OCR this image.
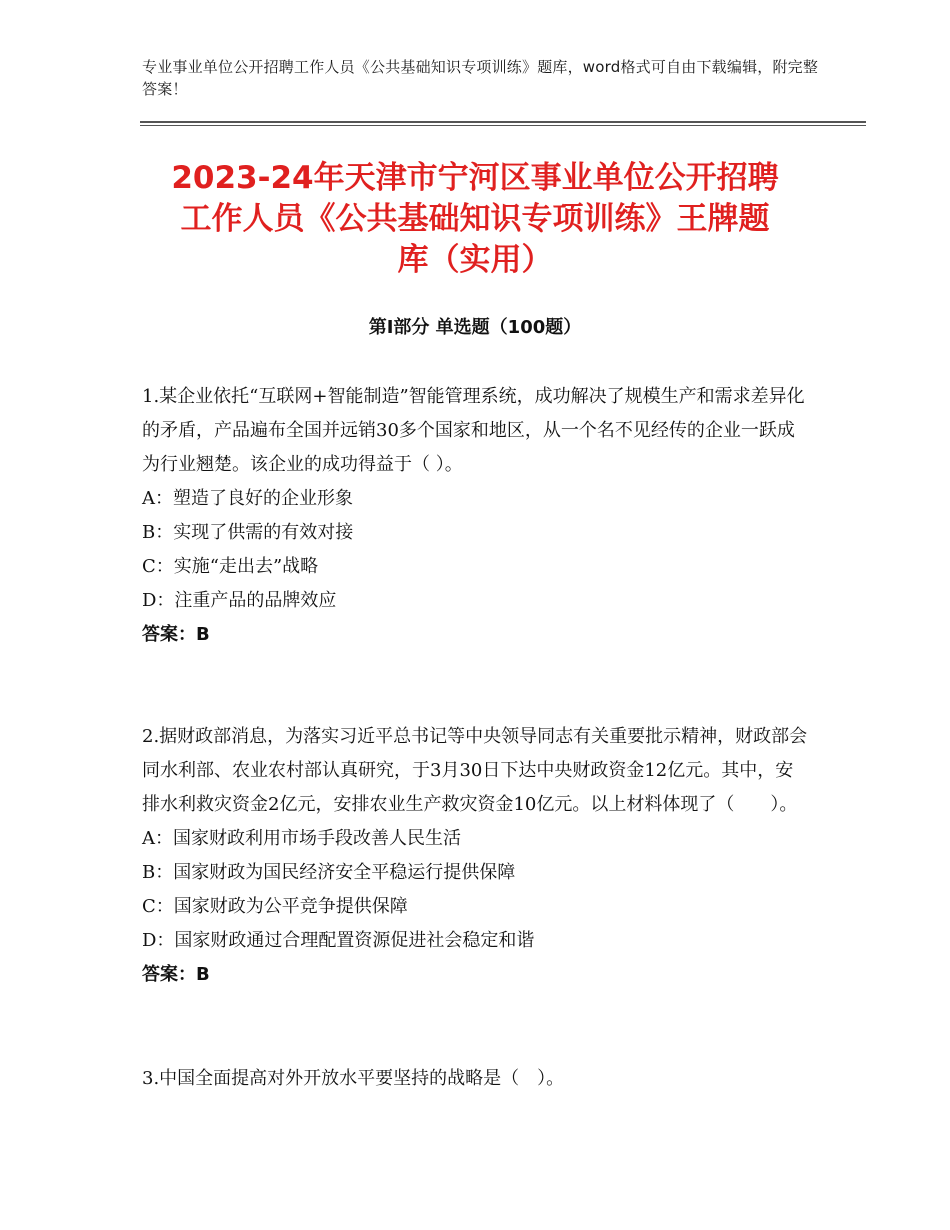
专业事业单位公开招聘工作人员《公共基础知识专项训练》题库，word格式可自由下载编辑，附完整答案！
2023-24年天津市宁河区事业单位公开招聘
工作人员《公共基础知识专项训练》王牌题
库（实用）
第Ⅰ部分 单选题（100题）

1.某企业依托“互联网+智能制造”智能管理系统，成功解决了规模生产和需求差异化的矛盾，产品遍布全国并远销30多个国家和地区，从一个名不见经传的企业一跃成为行业翘楚。该企业的成功得益于（ ）。

A：塑造了良好的企业形象

B：实现了供需的有效对接

C：实施“走出去”战略

D：注重产品的品牌效应

答案：B

2.据财政部消息，为落实习近平总书记等中央领导同志有关重要批示精神，财政部会同水利部、农业农村部认真研究，于3月30日下达中央财政资金12亿元。其中，安排水利救灾资金2亿元，安排农业生产救灾资金10亿元。以上材料体现了（　　）。

A：国家财政利用市场手段改善人民生活

B：国家财政为国民经济安全平稳运行提供保障

C：国家财政为公平竞争提供保障

D：国家财政通过合理配置资源促进社会稳定和谐

答案：B

3.中国全面提高对外开放水平要坚持的战略是（　）。
